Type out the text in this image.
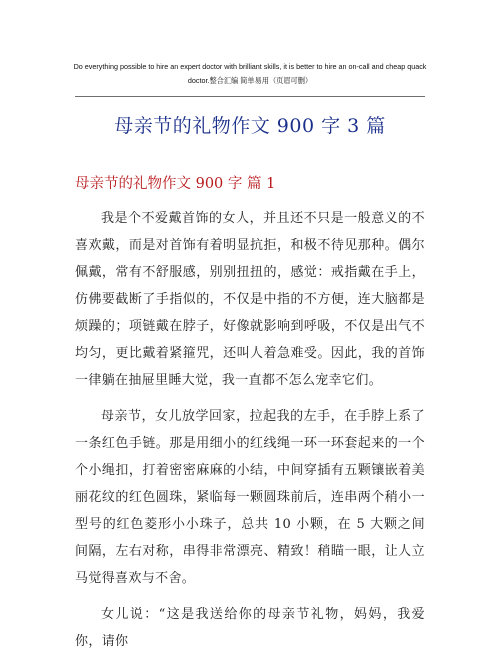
Do everything possible to hire an expert doctor with brilliant skills, it is better to hire an on-call and cheap quack
doctor.整合汇编 简单易用（页眉可删）
母亲节的礼物作文 900 字 3 篇
母亲节的礼物作文 900 字 篇 1

我是个不爱戴首饰的女人，并且还不只是一般意义的不喜欢戴，而是对首饰有着明显抗拒，和极不待见那种。偶尔佩戴，常有不舒服感，别别扭扭的，感觉：戒指戴在手上，仿佛要截断了手指似的，不仅是中指的不方便，连大脑都是烦躁的；项链戴在脖子，好像就影响到呼吸，不仅是出气不均匀，更比戴着紧箍咒，还叫人着急难受。因此，我的首饰一律躺在抽屉里睡大觉，我一直都不怎么宠幸它们。

母亲节，女儿放学回家，拉起我的左手，在手脖上系了一条红色手链。那是用细小的红线绳一环一环套起来的一个个小绳扣，打着密密麻麻的小结，中间穿插有五颗镶嵌着美丽花纹的红色圆珠，紧临每一颗圆珠前后，连串两个稍小一型号的红色菱形小小珠子，总共 10 小颗，在 5 大颗之间间隔，左右对称，串得非常漂亮、精致！稍瞄一眼，让人立马觉得喜欢与不舍。

女儿说：“这是我送给你的母亲节礼物，妈妈，我爱你，请你
